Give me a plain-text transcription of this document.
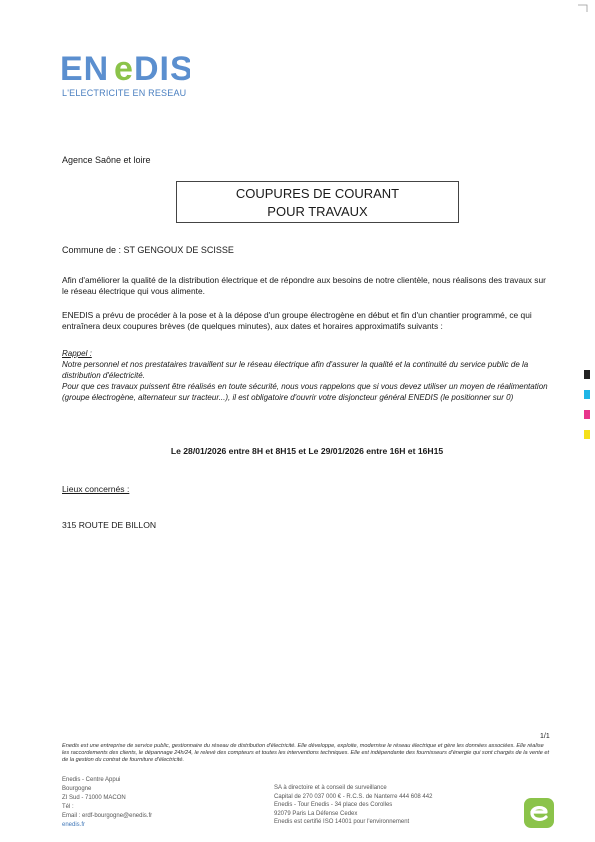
EN e DIS
L'ELECTRICITE EN RESEAU
Agence Saône et loire
COUPURES DE COURANT
POUR TRAVAUX
Commune de : ST GENGOUX DE SCISSE
Afin d'améliorer la qualité de la distribution électrique et de répondre aux besoins de notre clientèle, nous réalisons des travaux sur le réseau électrique qui vous alimente.
ENEDIS a prévu de procéder à la pose et à la dépose d'un groupe électrogène en début et fin d'un chantier programmé, ce qui entraînera deux coupures brèves (de quelques minutes), aux dates et horaires approximatifs suivants :
Rappel :
Notre personnel et nos prestataires travaillent sur le réseau électrique afin d'assurer la qualité et la continuité du service public de la distribution d'électricité.
Pour que ces travaux puissent être réalisés en toute sécurité, nous vous rappelons que si vous devez utiliser un moyen de réalimentation (groupe électrogène, alternateur sur tracteur...), il est obligatoire d'ouvrir votre disjoncteur général ENEDIS (le positionner sur 0)
Le 28/01/2026 entre 8H et 8H15 et Le 29/01/2026 entre 16H et 16H15
Lieux concernés :
315 ROUTE DE BILLON
1/1
Enedis est une entreprise de service public, gestionnaire du réseau de distribution d'électricité. Elle développe, exploite, modernise le réseau électrique et gère les données associées. Elle réalise les raccordements des clients, le dépannage 24h/24, le relevé des compteurs et toutes les interventions techniques. Elle est indépendante des fournisseurs d'énergie qui sont chargés de la vente et de la gestion du contrat de fourniture d'électricité.
Enedis - Centre Appui
Bourgogne
ZI Sud - 71000 MACON
Tél :
Email : erdf-bourgogne@enedis.fr
enedis.fr
SA à directoire et à conseil de surveillance
Capital de 270 037 000 € - R.C.S. de Nanterre 444 608 442
Enedis - Tour Enedis - 34 place des Corolles
92079 Paris La Défense Cedex
Enedis est certifié ISO 14001 pour l'environnement
